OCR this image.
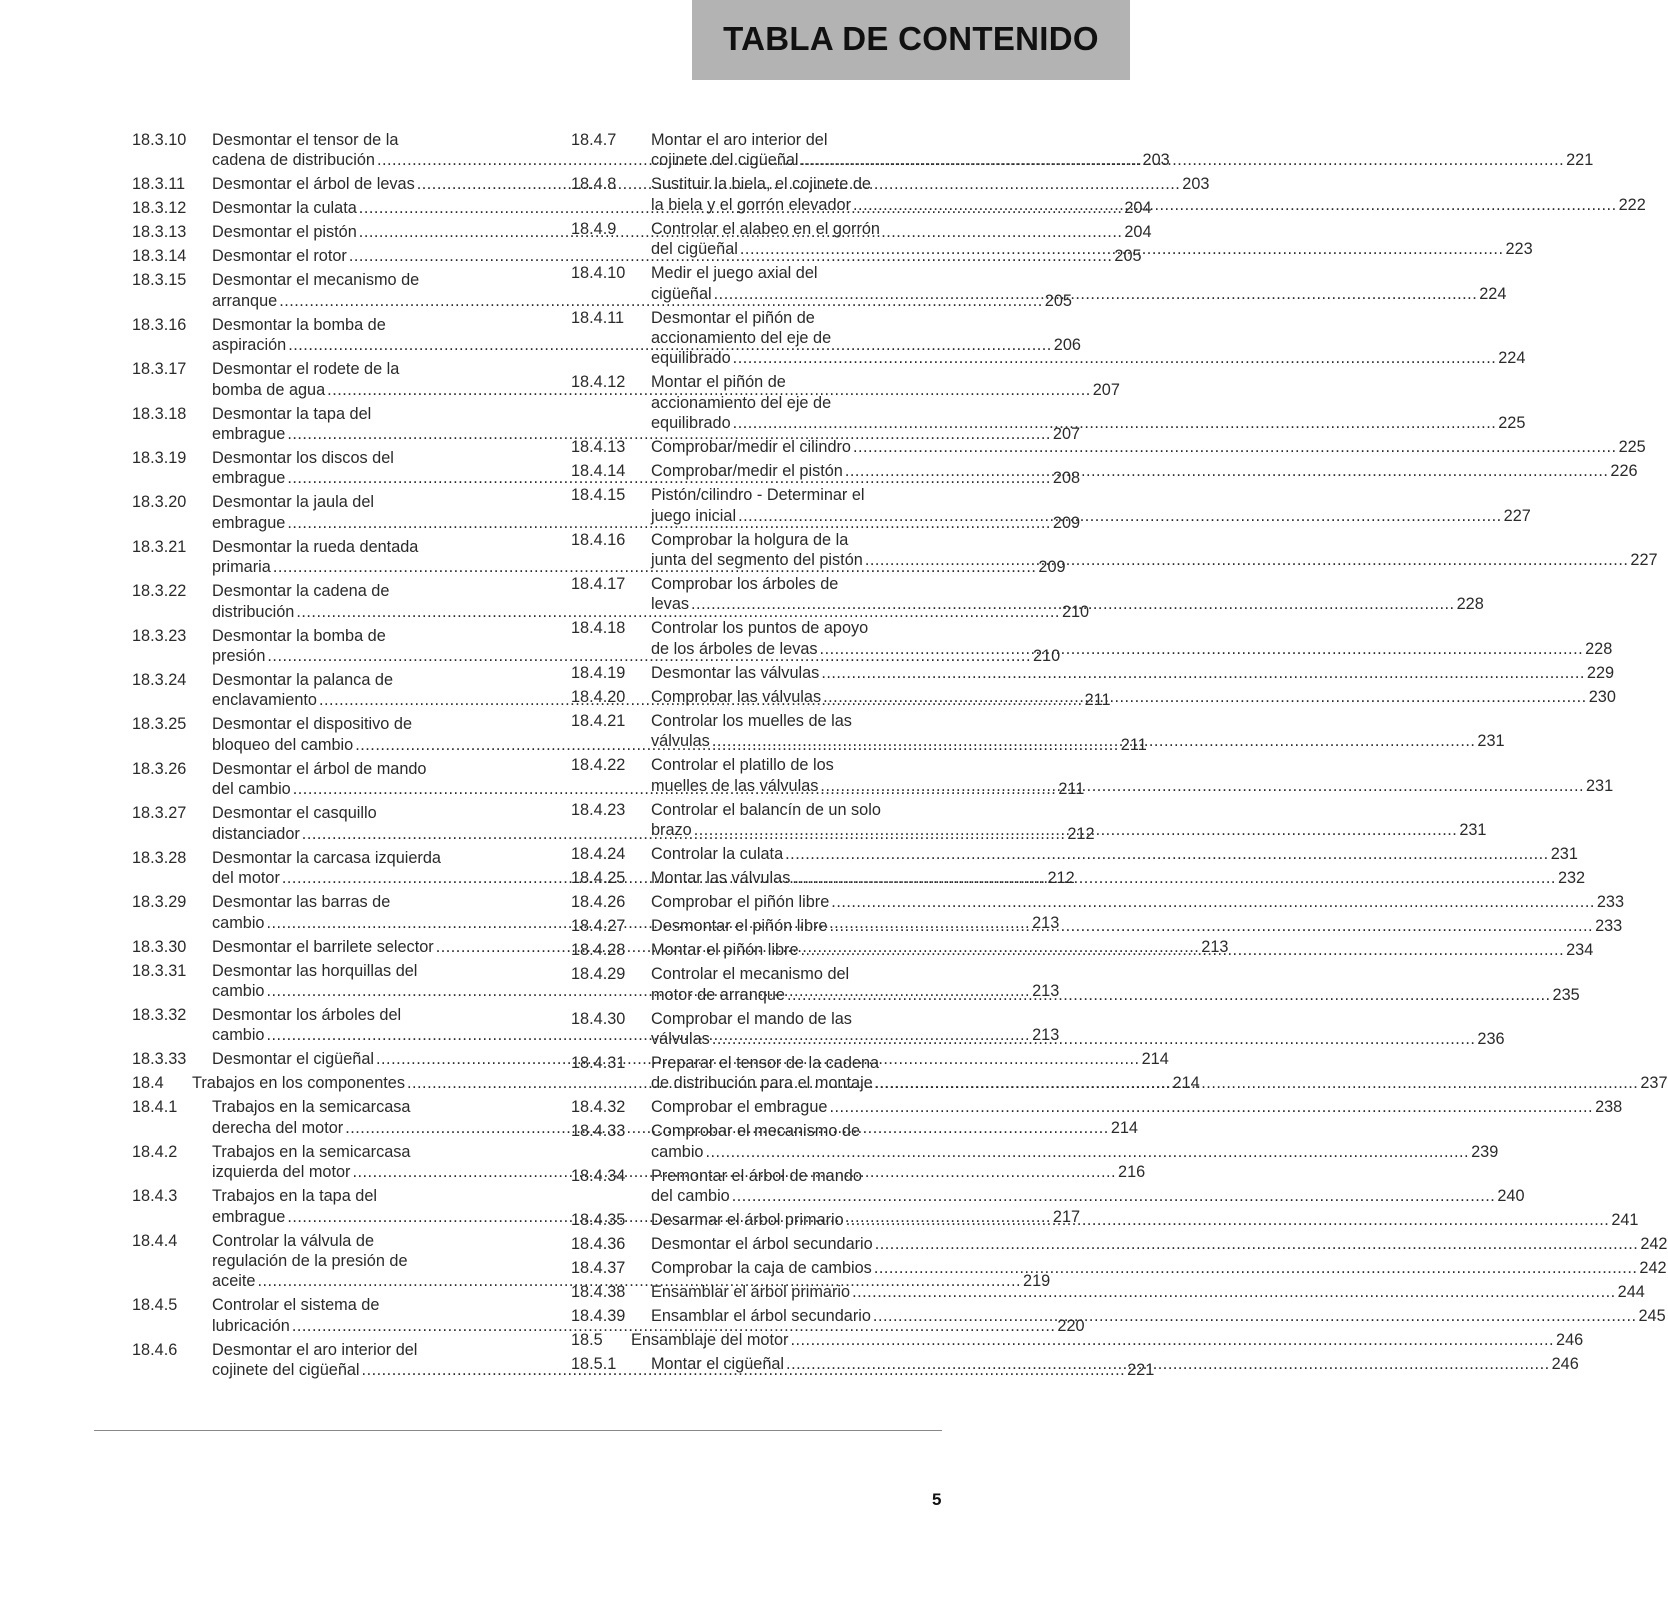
TABLA DE CONTENIDO
18.3.10	Desmontar el tensor de la
cadena de distribución .....	203
18.3.11	Desmontar el árbol de levas .....	203
18.3.12	Desmontar la culata .....	204
18.3.13	Desmontar el pistón .....	204
18.3.14	Desmontar el rotor .....	205
18.3.15	Desmontar el mecanismo de
arranque .....	205
18.3.16	Desmontar la bomba de
aspiración .....	206
18.3.17	Desmontar el rodete de la
bomba de agua .....	207
18.3.18	Desmontar la tapa del
embrague .....	207
18.3.19	Desmontar los discos del
embrague .....	208
18.3.20	Desmontar la jaula del
embrague .....	209
18.3.21	Desmontar la rueda dentada
primaria .....	209
18.3.22	Desmontar la cadena de
distribución .....	210
18.3.23	Desmontar la bomba de
presión .....	210
18.3.24	Desmontar la palanca de
enclavamiento .....	211
18.3.25	Desmontar el dispositivo de
bloqueo del cambio .....	211
18.3.26	Desmontar el árbol de mando
del cambio .....	211
18.3.27	Desmontar el casquillo
distanciador .....	212
18.3.28	Desmontar la carcasa izquierda
del motor .....	212
18.3.29	Desmontar las barras de
cambio .....	213
18.3.30	Desmontar el barrilete selector .....	213
18.3.31	Desmontar las horquillas del
cambio .....	213
18.3.32	Desmontar los árboles del
cambio .....	213
18.3.33	Desmontar el cigüeñal .....	214
18.4	Trabajos en los componentes .....	214
18.4.1	Trabajos en la semicarcasa
derecha del motor .....	214
18.4.2	Trabajos en la semicarcasa
izquierda del motor .....	216
18.4.3	Trabajos en la tapa del
embrague .....	217
18.4.4	Controlar la válvula de
regulación de la presión de
aceite .....	219
18.4.5	Controlar el sistema de
lubricación .....	220
18.4.6	Desmontar el aro interior del
cojinete del cigüeñal .....	221
18.4.7	Montar el aro interior del
cojinete del cigüeñal .....	221
18.4.8	Sustituir la biela, el cojinete de
la biela y el gorrón elevador .....	222
18.4.9	Controlar el alabeo en el gorrón
del cigüeñal .....	223
18.4.10	Medir el juego axial del
cigüeñal .....	224
18.4.11	Desmontar el piñón de
accionamiento del eje de
equilibrado .....	224
18.4.12	Montar el piñón de
accionamiento del eje de
equilibrado .....	225
18.4.13	Comprobar/medir el cilindro .....	225
18.4.14	Comprobar/medir el pistón .....	226
18.4.15	Pistón/cilindro - Determinar el
juego inicial .....	227
18.4.16	Comprobar la holgura de la
junta del segmento del pistón .....	227
18.4.17	Comprobar los árboles de
levas .....	228
18.4.18	Controlar los puntos de apoyo
de los árboles de levas .....	228
18.4.19	Desmontar las válvulas .....	229
18.4.20	Comprobar las válvulas .....	230
18.4.21	Controlar los muelles de las
válvulas .....	231
18.4.22	Controlar el platillo de los
muelles de las válvulas .....	231
18.4.23	Controlar el balancín de un solo
brazo .....	231
18.4.24	Controlar la culata .....	231
18.4.25	Montar las válvulas .....	232
18.4.26	Comprobar el piñón libre .....	233
18.4.27	Desmontar el piñón libre .....	233
18.4.28	Montar el piñón libre .....	234
18.4.29	Controlar el mecanismo del
motor de arranque .....	235
18.4.30	Comprobar el mando de las
válvulas .....	236
18.4.31	Preparar el tensor de la cadena
de distribución para el montaje .....	237
18.4.32	Comprobar el embrague .....	238
18.4.33	Comprobar el mecanismo de
cambio .....	239
18.4.34	Premontar el árbol de mando
del cambio .....	240
18.4.35	Desarmar el árbol primario .....	241
18.4.36	Desmontar el árbol secundario .....	242
18.4.37	Comprobar la caja de cambios .....	242
18.4.38	Ensamblar el árbol primario .....	244
18.4.39	Ensamblar el árbol secundario .....	245
18.5	Ensamblaje del motor .....	246
18.5.1	Montar el cigüeñal .....	246
5
